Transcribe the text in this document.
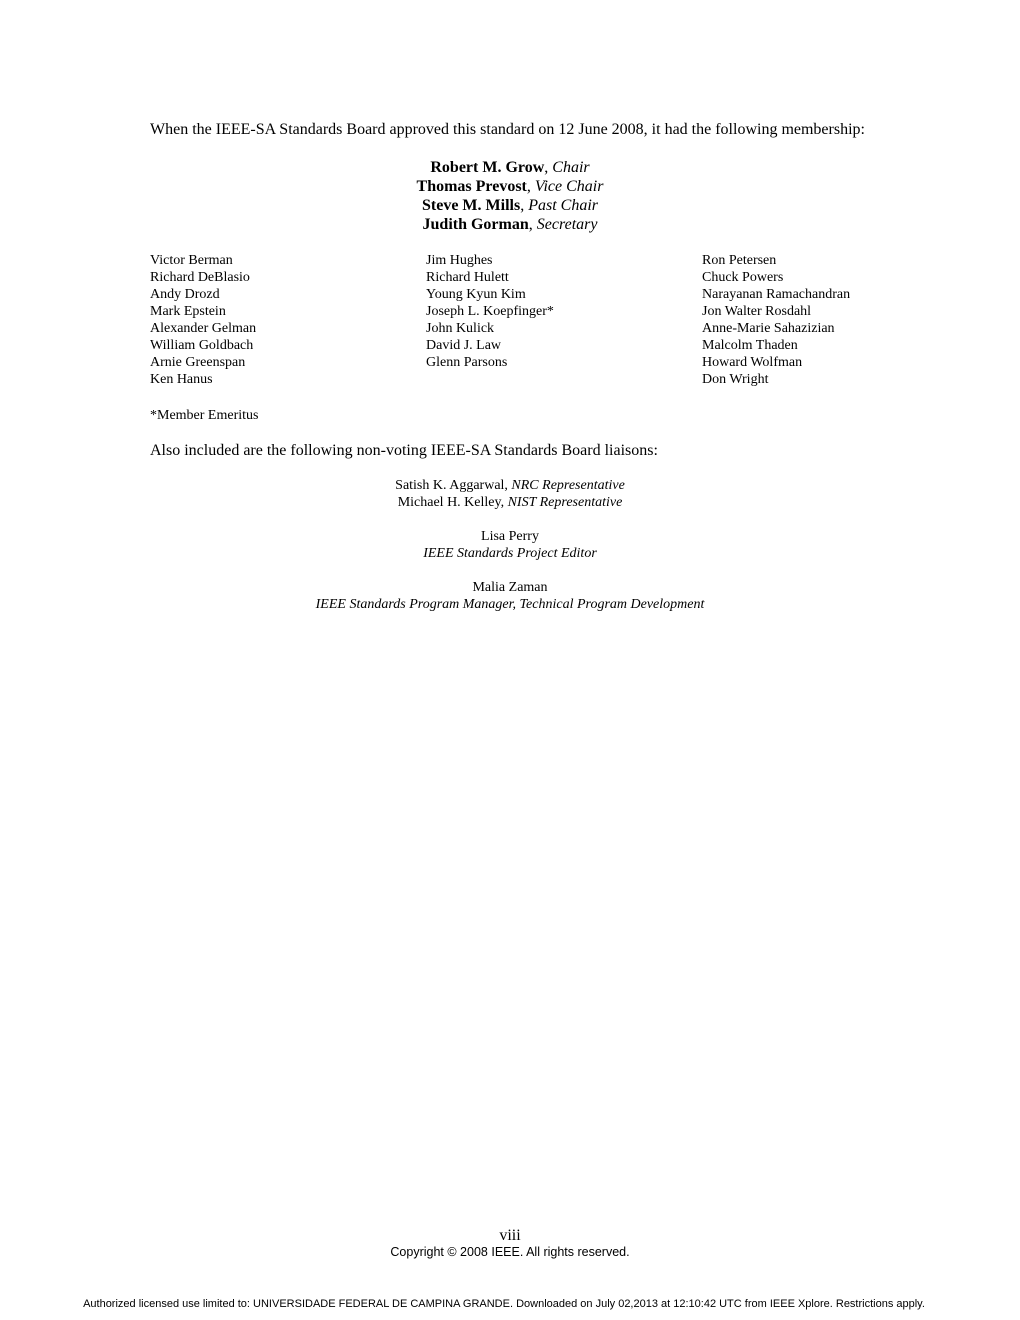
When the IEEE-SA Standards Board approved this standard on 12 June 2008, it had the following membership:
Robert M. Grow, Chair
Thomas Prevost, Vice Chair
Steve M. Mills, Past Chair
Judith Gorman, Secretary
Victor Berman
Richard DeBlasio
Andy Drozd
Mark Epstein
Alexander Gelman
William Goldbach
Arnie Greenspan
Ken Hanus
Jim Hughes
Richard Hulett
Young Kyun Kim
Joseph L. Koepfinger*
John Kulick
David J. Law
Glenn Parsons
Ron Petersen
Chuck Powers
Narayanan Ramachandran
Jon Walter Rosdahl
Anne-Marie Sahazizian
Malcolm Thaden
Howard Wolfman
Don Wright
*Member Emeritus
Also included are the following non-voting IEEE-SA Standards Board liaisons:
Satish K. Aggarwal, NRC Representative
Michael H. Kelley, NIST Representative
Lisa Perry
IEEE Standards Project Editor
Malia Zaman
IEEE Standards Program Manager, Technical Program Development
viii
Copyright © 2008 IEEE. All rights reserved.
Authorized licensed use limited to: UNIVERSIDADE FEDERAL DE CAMPINA GRANDE. Downloaded on July 02,2013 at 12:10:42 UTC from IEEE Xplore. Restrictions apply.
